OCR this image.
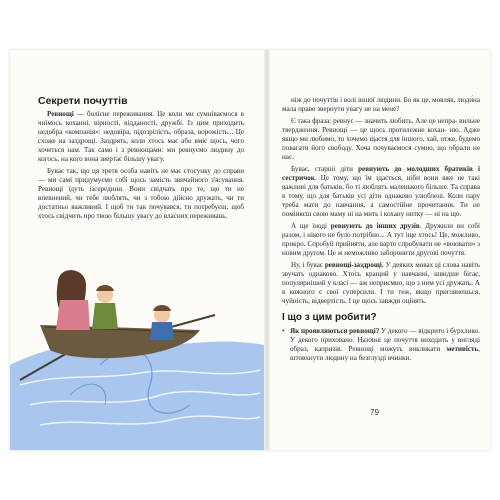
Секрети почуттів

Ревнощі — болісне переживання. Це коли ми сумніваємося в чиїмось коханні, вірності, відданості, дружбі. Із цим приходить недобра «компанія»: недовіра, підозрілість, образа, ворожість... Це схоже на заздрощі. Заздрять, коли хтось має або вміє щось, чого хочеться нам. Так само і з ревнощами: ми ревнуємо людину до когось, на кого вона звертає більшу увагу.

Буває так, що ця третя особа навіть не має стосунку до справи — ми самі придумуємо собі щось замість звичайного з'ясування. Ревнощі їдуть ізсередини. Вони свідчать про те, що ти не впевнений, чи тебе люблять, чи з тобою дійсно дружать, чи ти достатньо важливий. І щоб ти так почувався, ти потребуєш, щоб хтось свідчить про твою більшу увагу до власних переживань.

ніж до почуттів і волі іншої людини. Бо як це, мовляв, люди́на мала право звернути увагу не на мене?

Є така фраза: ревнує — значить любить. Але це непра- вильне твердження. Ревнощі — це щось протилежне кохан- ню. Адже якщо ми любимо, то хочемо щастя для іншого, хай, отже, будемо повагати його свободу. Хоча почуваємося сумно, що обрали не нас.

Буває, старші діти ревнують до молодших братиків і сестричок. Це тому, що їм здається, ніби вони вже не такі важливі для батьків, бо ті люблять маленького більше. Та справа в тому, що для батьків усі діти однаково улюблені. Коли пару треба мати до навчання, а самостійне прочитання. Ти не поміняєш свою маму ні на мить і кохану нитку — ні на що.

А ще іноді ревнують до інших друзів. Дружили ви собі разом, і нікого не було потрібно... А тут іще хтось! Це, можливо, прикро. Спробуй прийняти, але варто спробувати не «воювати» з новим другом. Це ж неможливо заборонити другові почуття.

Ну, і буває ревнощі-заздрощі. У деяких мовах ці слова навіть звучать однаково. Хтось кращий у навчанні, швидше бігає, популярніший у класі — аж неприємно, що з ним усі дружать. А в кожного є свої суперсили. І ти теж, якщо приглянешься, чуйність, відвертість. І це щось завжди оцінять.

І що з цим робити?

• Як проявляються ревнощі? У декого — відкрито і бурхливо. У декого приховано. Назовні це почуття виходить у вигляді образ, капризів. Ревнощі можуть викликати метивість, штовхнути людину на безглузді вчинки.

79
